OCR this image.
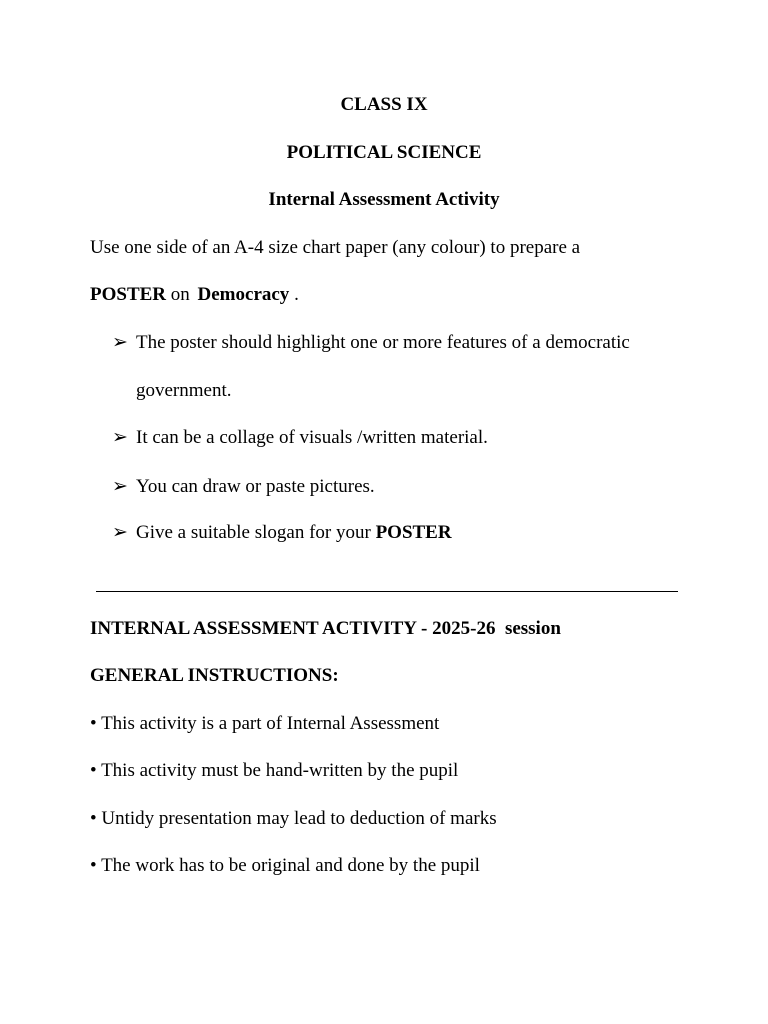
CLASS IX
POLITICAL SCIENCE
Internal Assessment Activity
Use one side of an A-4 size chart paper (any colour) to prepare a
POSTER on Democracy .
➢ The poster should highlight one or more features of a democratic
government.
➢ It can be a collage of visuals /written material.
➢ You can draw or paste pictures.
➢ Give a suitable slogan for your POSTER
INTERNAL ASSESSMENT ACTIVITY - 2025-26  session
GENERAL INSTRUCTIONS:
• This activity is a part of Internal Assessment
• This activity must be hand-written by the pupil
• Untidy presentation may lead to deduction of marks
• The work has to be original and done by the pupil
